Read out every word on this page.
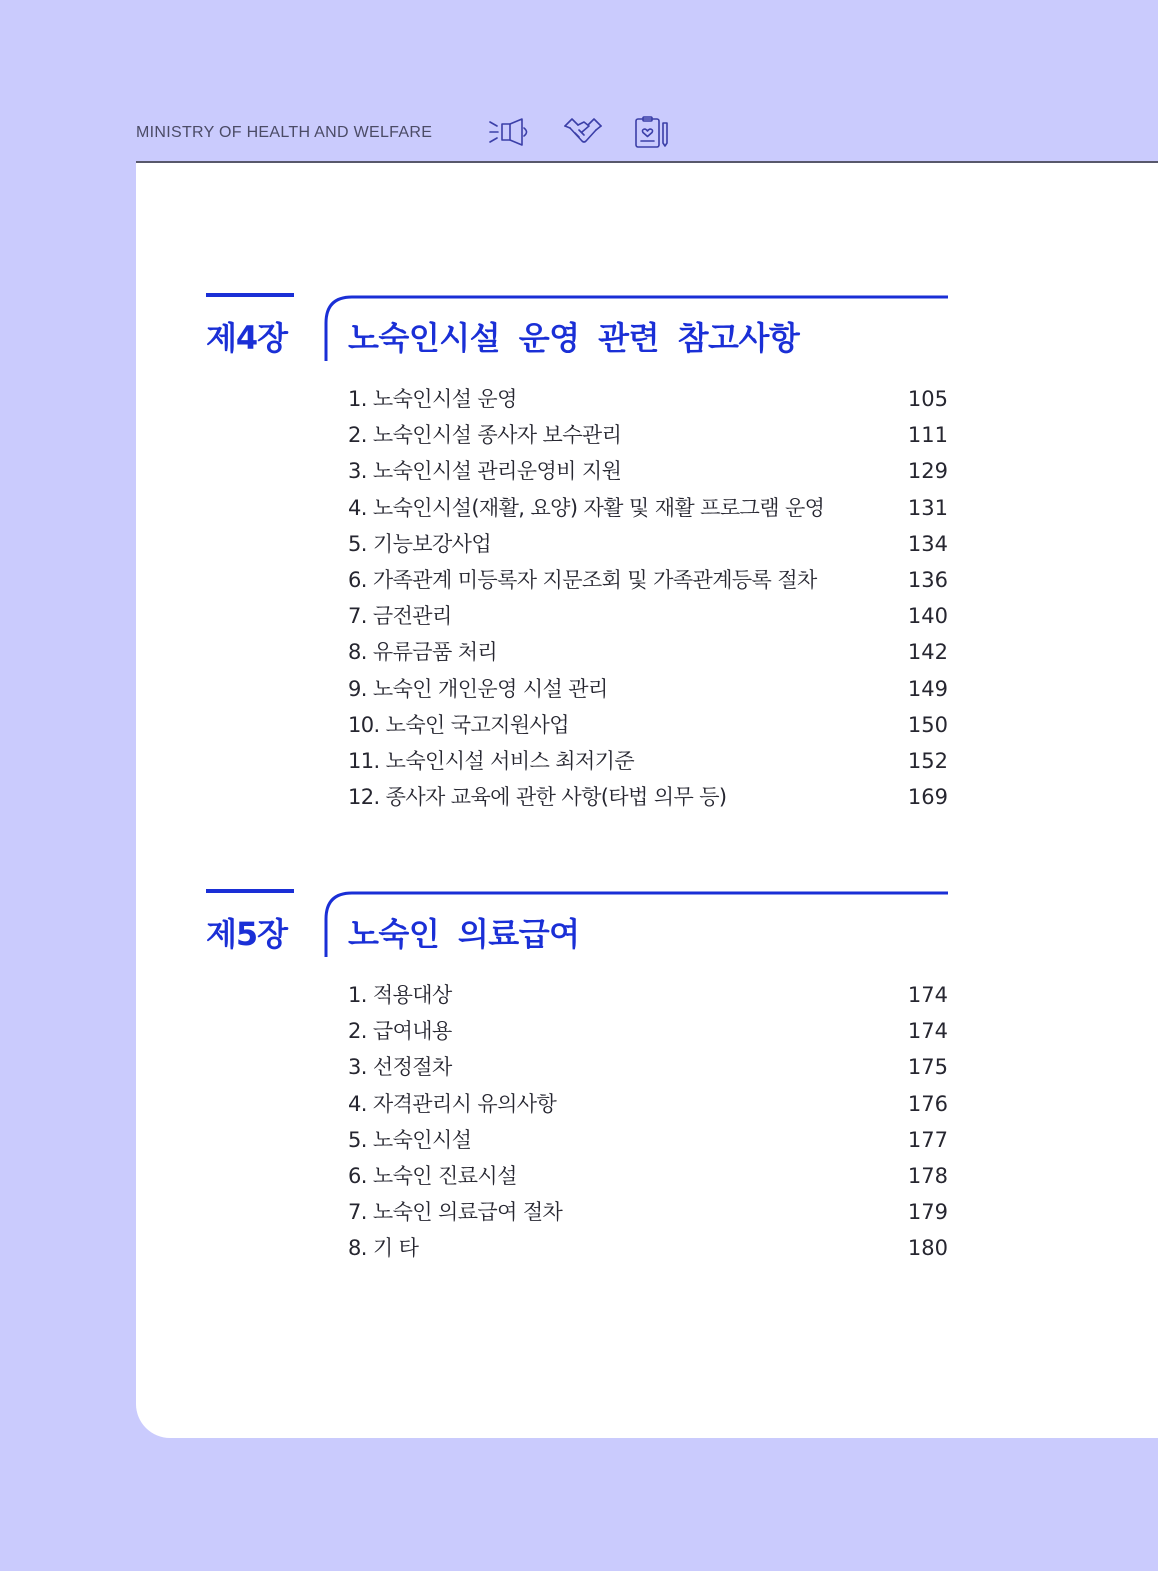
MINISTRY OF HEALTH AND WELFARE
제4장 노숙인시설 운영 관련 참고사항
1. 노숙인시설 운영	105
2. 노숙인시설 종사자 보수관리	111
3. 노숙인시설 관리운영비 지원	129
4. 노숙인시설(재활, 요양) 자활 및 재활 프로그램 운영	131
5. 기능보강사업	134
6. 가족관계 미등록자 지문조회 및 가족관계등록 절차	136
7. 금전관리	140
8. 유류금품 처리	142
9. 노숙인 개인운영 시설 관리	149
10. 노숙인 국고지원사업	150
11. 노숙인시설 서비스 최저기준	152
12. 종사자 교육에 관한 사항(타법 의무 등)	169
제5장 노숙인 의료급여
1. 적용대상	174
2. 급여내용	174
3. 선정절차	175
4. 자격관리시 유의사항	176
5. 노숙인시설	177
6. 노숙인 진료시설	178
7. 노숙인 의료급여 절차	179
8. 기 타	180
